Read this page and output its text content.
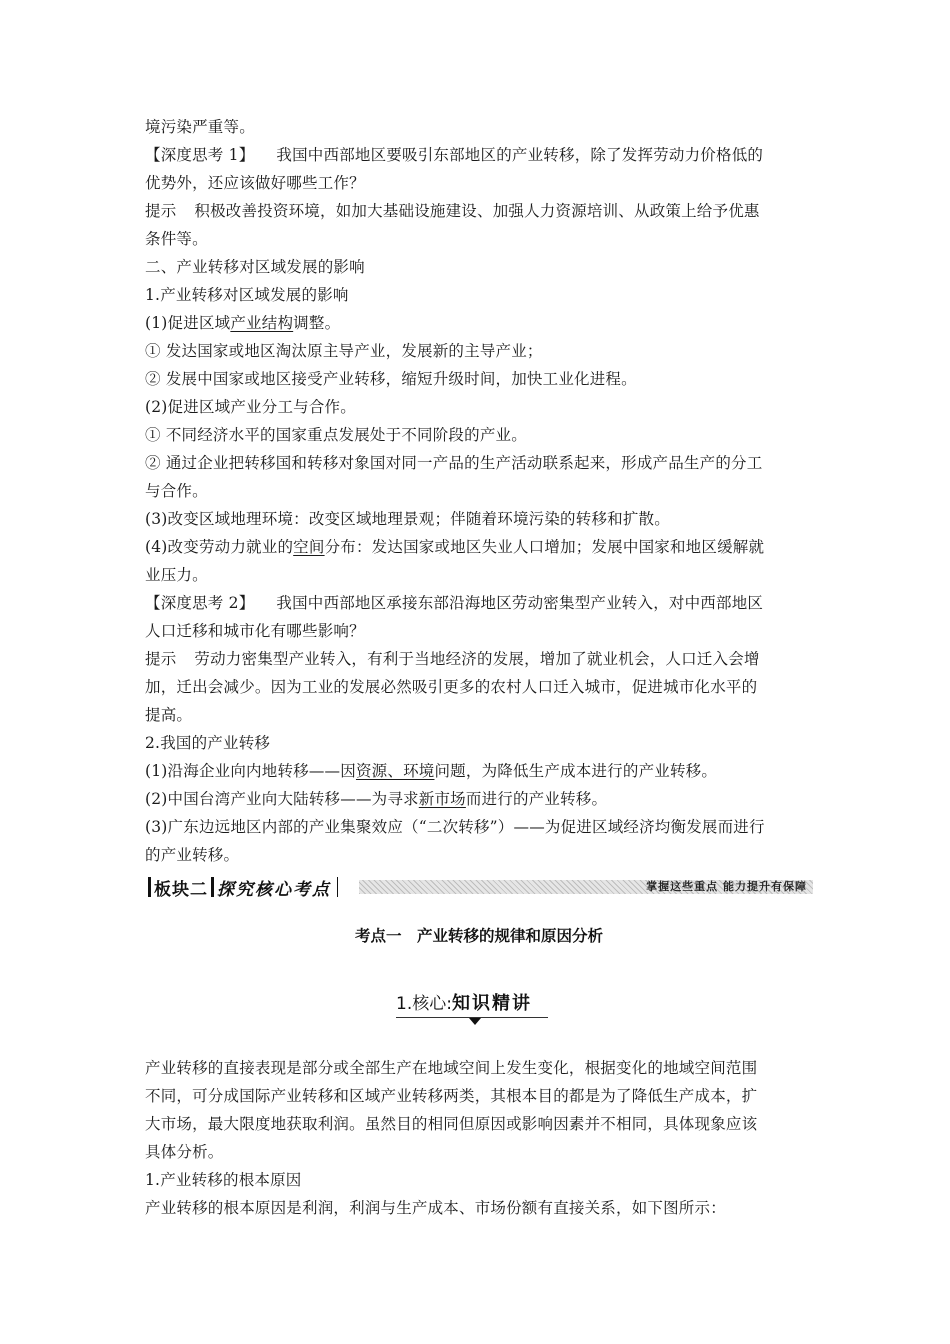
境污染严重等。
【深度思考 1】 我国中西部地区要吸引东部地区的产业转移，除了发挥劳动力价格低的
优势外，还应该做好哪些工作？
提示 积极改善投资环境，如加大基础设施建设、加强人力资源培训、从政策上给予优惠
条件等。
二、产业转移对区域发展的影响
1.产业转移对区域发展的影响
(1)促进区域产业结构调整。
① 发达国家或地区淘汰原主导产业，发展新的主导产业；
② 发展中国家或地区接受产业转移，缩短升级时间，加快工业化进程。
(2)促进区域产业分工与合作。
① 不同经济水平的国家重点发展处于不同阶段的产业。
② 通过企业把转移国和转移对象国对同一产品的生产活动联系起来，形成产品生产的分工
与合作。
(3)改变区域地理环境：改变区域地理景观；伴随着环境污染的转移和扩散。
(4)改变劳动力就业的空间分布：发达国家或地区失业人口增加；发展中国家和地区缓解就
业压力。
【深度思考 2】 我国中西部地区承接东部沿海地区劳动密集型产业转入，对中西部地区
人口迁移和城市化有哪些影响？
提示 劳动力密集型产业转入，有利于当地经济的发展，增加了就业机会，人口迁入会增
加，迁出会减少。因为工业的发展必然吸引更多的农村人口迁入城市，促进城市化水平的
提高。
2.我国的产业转移
(1)沿海企业向内地转移——因资源、环境问题，为降低生产成本进行的产业转移。
(2)中国台湾产业向大陆转移——为寻求新市场而进行的产业转移。
(3)广东边远地区内部的产业集聚效应（“二次转移”）——为促进区域经济均衡发展而进行
的产业转移。
板块二 探究核心考点	掌握这些重点 能力提升有保障
考点一　产业转移的规律和原因分析
1.核心:知识精讲
产业转移的直接表现是部分或全部生产在地域空间上发生变化，根据变化的地域空间范围
不同，可分成国际产业转移和区域产业转移两类，其根本目的都是为了降低生产成本，扩
大市场，最大限度地获取利润。虽然目的相同但原因或影响因素并不相同，具体现象应该
具体分析。
1.产业转移的根本原因
产业转移的根本原因是利润，利润与生产成本、市场份额有直接关系，如下图所示：
